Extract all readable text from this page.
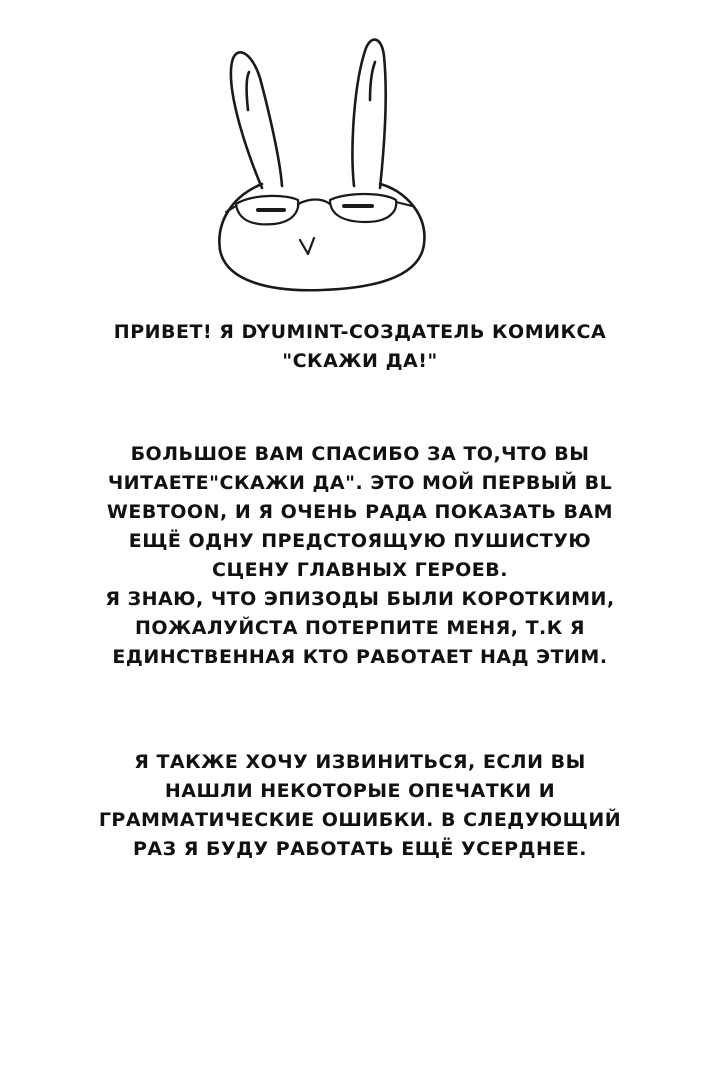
ПРИВЕТ! Я DYUMINT-СОЗДАТЕЛЬ КОМИКСА
"СКАЖИ ДА!"
БОЛЬШОЕ ВАМ СПАСИБО ЗА ТО,ЧТО ВЫ
ЧИТАЕТЕ"СКАЖИ ДА". ЭТО МОЙ ПЕРВЫЙ BL
WEBTOON, И Я ОЧЕНЬ РАДА ПОКАЗАТЬ ВАМ
ЕЩЁ ОДНУ ПРЕДСТОЯЩУЮ ПУШИСТУЮ
СЦЕНУ ГЛАВНЫХ ГЕРОЕВ.
Я ЗНАЮ, ЧТО ЭПИЗОДЫ БЫЛИ КОРОТКИМИ,
ПОЖАЛУЙСТА ПОТЕРПИТЕ МЕНЯ, Т.К Я
ЕДИНСТВЕННАЯ КТО РАБОТАЕТ НАД ЭТИМ.
Я ТАКЖЕ ХОЧУ ИЗВИНИТЬСЯ, ЕСЛИ ВЫ
НАШЛИ НЕКОТОРЫЕ ОПЕЧАТКИ И
ГРАММАТИЧЕСКИЕ ОШИБКИ. В СЛЕДУЮЩИЙ
РАЗ Я БУДУ РАБОТАТЬ ЕЩЁ УСЕРДНЕЕ.
